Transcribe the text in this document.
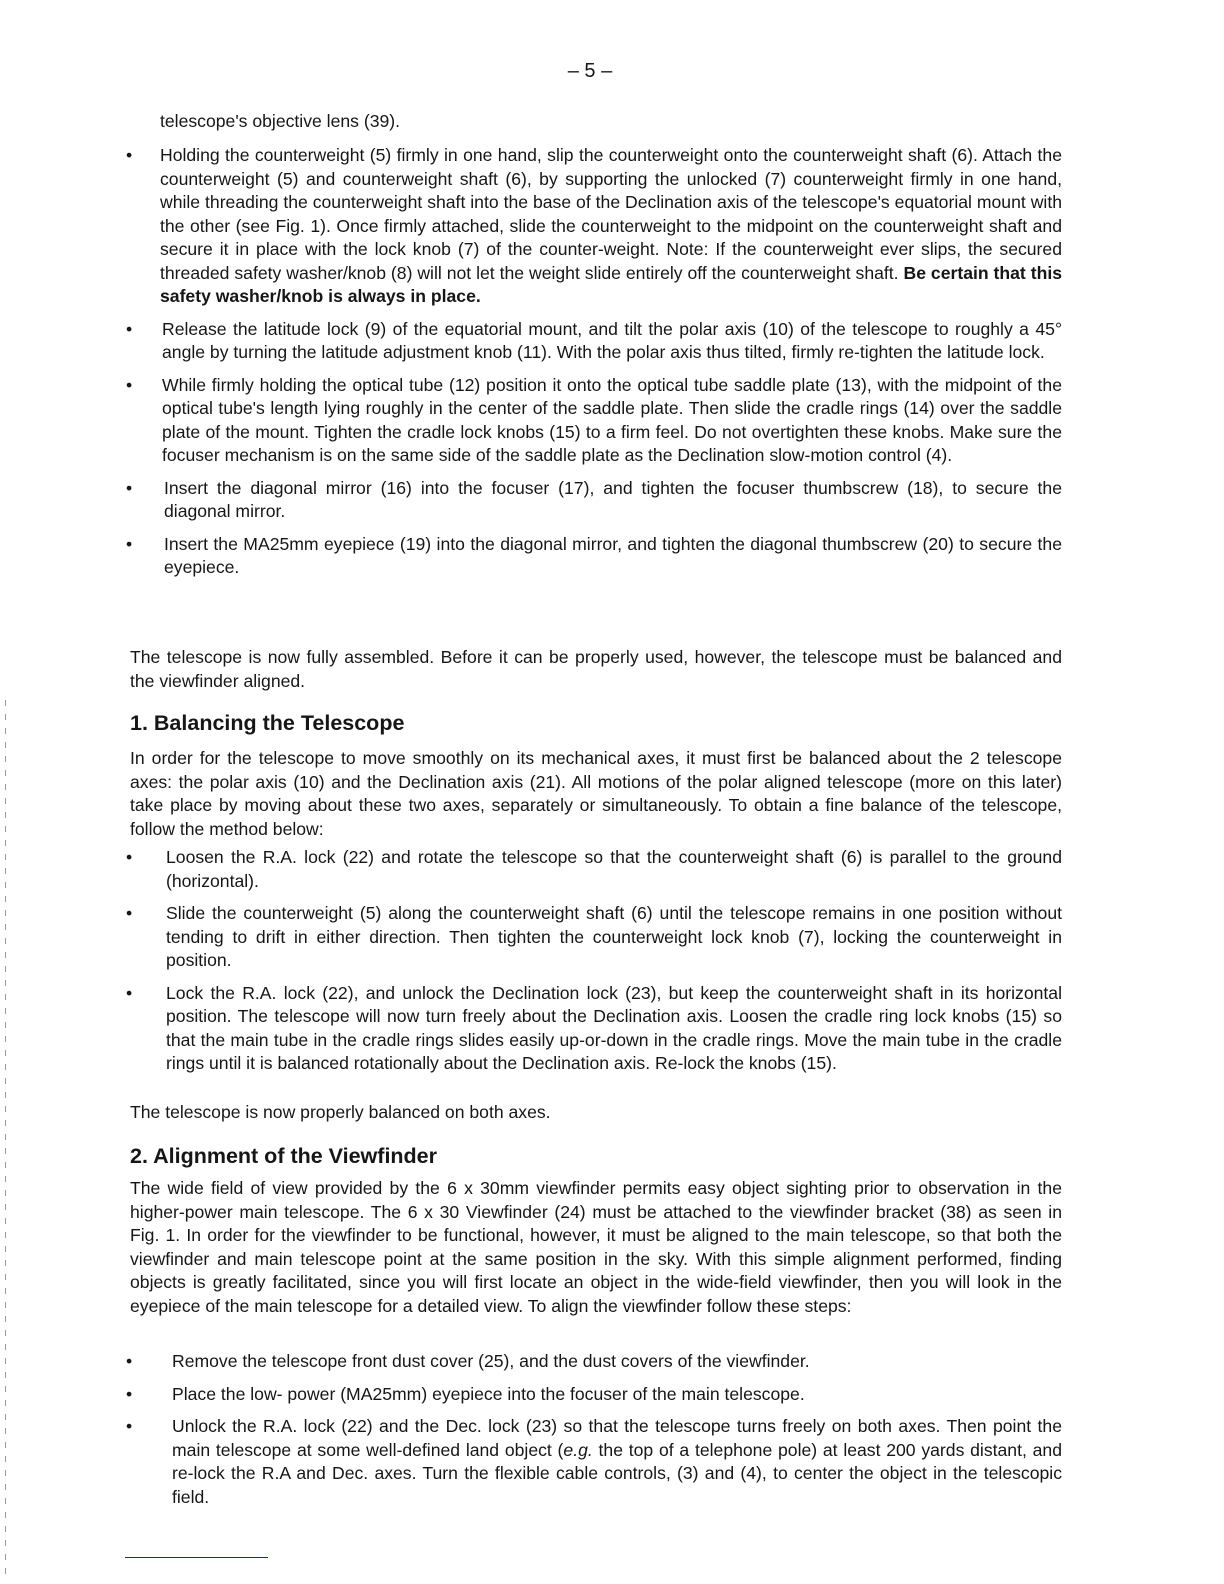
– 5 –
telescope's objective lens (39).
• Holding the counterweight (5) firmly in one hand, slip the counterweight onto the counterweight shaft (6). Attach the counterweight (5) and counterweight shaft (6), by supporting the unlocked (7) counterweight firmly in one hand, while threading the counterweight shaft into the base of the Declination axis of the telescope's equatorial mount with the other (see Fig. 1). Once firmly attached, slide the counterweight to the midpoint on the counterweight shaft and secure it in place with the lock knob (7) of the counter-weight. Note: If the counterweight ever slips, the secured threaded safety washer/knob (8) will not let the weight slide entirely off the counterweight shaft. Be certain that this safety washer/knob is always in place.
• Release the latitude lock (9) of the equatorial mount, and tilt the polar axis (10) of the telescope to roughly a 45° angle by turning the latitude adjustment knob (11). With the polar axis thus tilted, firmly re-tighten the latitude lock.
• While firmly holding the optical tube (12) position it onto the optical tube saddle plate (13), with the midpoint of the optical tube's length lying roughly in the center of the saddle plate. Then slide the cradle rings (14) over the saddle plate of the mount. Tighten the cradle lock knobs (15) to a firm feel. Do not overtighten these knobs. Make sure the focuser mechanism is on the same side of the saddle plate as the Declination slow-motion control (4).
• Insert the diagonal mirror (16) into the focuser (17), and tighten the focuser thumbscrew (18), to secure the diagonal mirror.
• Insert the MA25mm eyepiece (19) into the diagonal mirror, and tighten the diagonal thumbscrew (20) to secure the eyepiece.
The telescope is now fully assembled. Before it can be properly used, however, the telescope must be balanced and the viewfinder aligned.
1. Balancing the Telescope
In order for the telescope to move smoothly on its mechanical axes, it must first be balanced about the 2 telescope axes: the polar axis (10) and the Declination axis (21). All motions of the polar aligned telescope (more on this later) take place by moving about these two axes, separately or simultaneously. To obtain a fine balance of the telescope, follow the method below:
• Loosen the R.A. lock (22) and rotate the telescope so that the counterweight shaft (6) is parallel to the ground (horizontal).
• Slide the counterweight (5) along the counterweight shaft (6) until the telescope remains in one position without tending to drift in either direction. Then tighten the counterweight lock knob (7), locking the counterweight in position.
• Lock the R.A. lock (22), and unlock the Declination lock (23), but keep the counterweight shaft in its horizontal position. The telescope will now turn freely about the Declination axis. Loosen the cradle ring lock knobs (15) so that the main tube in the cradle rings slides easily up-or-down in the cradle rings. Move the main tube in the cradle rings until it is balanced rotationally about the Declination axis. Re-lock the knobs (15).
The telescope is now properly balanced on both axes.
2. Alignment of the Viewfinder
The wide field of view provided by the 6 x 30mm viewfinder permits easy object sighting prior to observation in the higher-power main telescope. The 6 x 30 Viewfinder (24) must be attached to the viewfinder bracket (38) as seen in Fig. 1. In order for the viewfinder to be functional, however, it must be aligned to the main telescope, so that both the viewfinder and main telescope point at the same position in the sky. With this simple alignment performed, finding objects is greatly facilitated, since you will first locate an object in the wide-field viewfinder, then you will look in the eyepiece of the main telescope for a detailed view. To align the viewfinder follow these steps:
• Remove the telescope front dust cover (25), and the dust covers of the viewfinder.
• Place the low- power (MA25mm) eyepiece into the focuser of the main telescope.
• Unlock the R.A. lock (22) and the Dec. lock (23) so that the telescope turns freely on both axes. Then point the main telescope at some well-defined land object (e.g. the top of a telephone pole) at least 200 yards distant, and re-lock the R.A and Dec. axes. Turn the flexible cable controls, (3) and (4), to center the object in the telescopic field.
